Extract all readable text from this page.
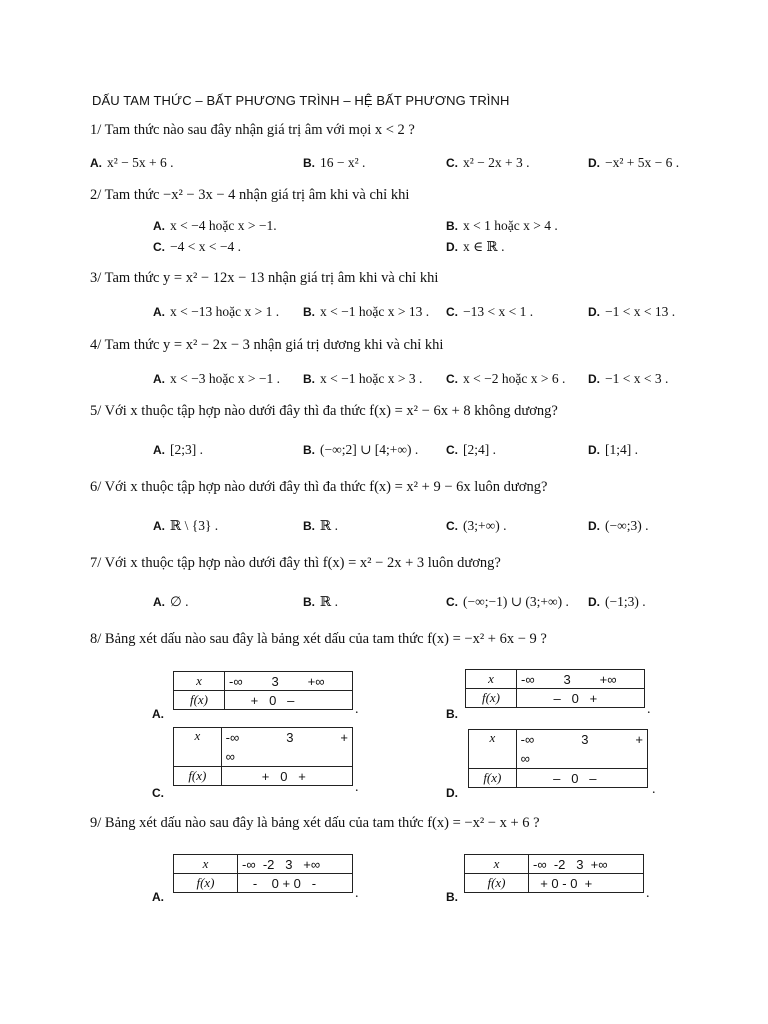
DẤU TAM THỨC – BẤT PHƯƠNG TRÌNH – HỆ BẤT PHƯƠNG TRÌNH
1/ Tam thức nào sau đây nhận giá trị âm với mọi x < 2 ?
A. x² − 5x + 6 .	B. 16 − x² .	C. x² − 2x + 3 .	D. −x² + 5x − 6 .
2/ Tam thức −x² − 3x − 4 nhận giá trị âm khi và chỉ khi
A. x < −4 hoặc x > −1.	B. x < 1 hoặc x > 4 .
C. −4 < x < −4 .	D. x ∈ ℝ .
3/ Tam thức y = x² − 12x − 13 nhận giá trị âm khi và chỉ khi
A. x < −13 hoặc x > 1 . B. x < −1 hoặc x > 13 . C. −13 < x < 1 .	D. −1 < x < 13 .
4/ Tam thức y = x² − 2x − 3 nhận giá trị dương khi và chỉ khi
A. x < −3 hoặc x > −1 . B. x < −1 hoặc x > 3 . C. x < −2 hoặc x > 6 . D. −1 < x < 3 .
5/ Với x thuộc tập hợp nào dưới đây thì đa thức f(x) = x² − 6x + 8 không dương?
A. [2;3] .	B. (−∞;2] ∪ [4;+∞) . C. [2;4] .	D. [1;4] .
6/ Với x thuộc tập hợp nào dưới đây thì đa thức f(x) = x² + 9 − 6x luôn dương?
A. ℝ \ {3} .	B. ℝ .	C. (3;+∞) .	D. (−∞;3) .
7/ Với x thuộc tập hợp nào dưới đây thì f(x) = x² − 2x + 3 luôn dương?
A. ∅ .	B. ℝ .	C. (−∞;−1) ∪ (3;+∞) . D. (−1;3) .
8/ Bảng xét dấu nào sau đây là bảng xét dấu của tam thức f(x) = −x² + 6x − 9 ?
A.
x	-∞        3        +∞
f(x)	+   0   –
.	B.
x	-∞        3        +∞
f(x)	–   0   +
.
C.
x	-∞             3             +
∞

f(x)	+   0   +
.	D.
x	-∞             3             +
∞

f(x)	–   0   –
.
9/ Bảng xét dấu nào sau đây là bảng xét dấu của tam thức f(x) = −x² − x + 6 ?
A.
x	-∞  -2   3   +∞
f(x)	-    0 + 0   -
.	B.
x	-∞  -2   3  +∞
f(x)	+ 0 - 0  +
.
